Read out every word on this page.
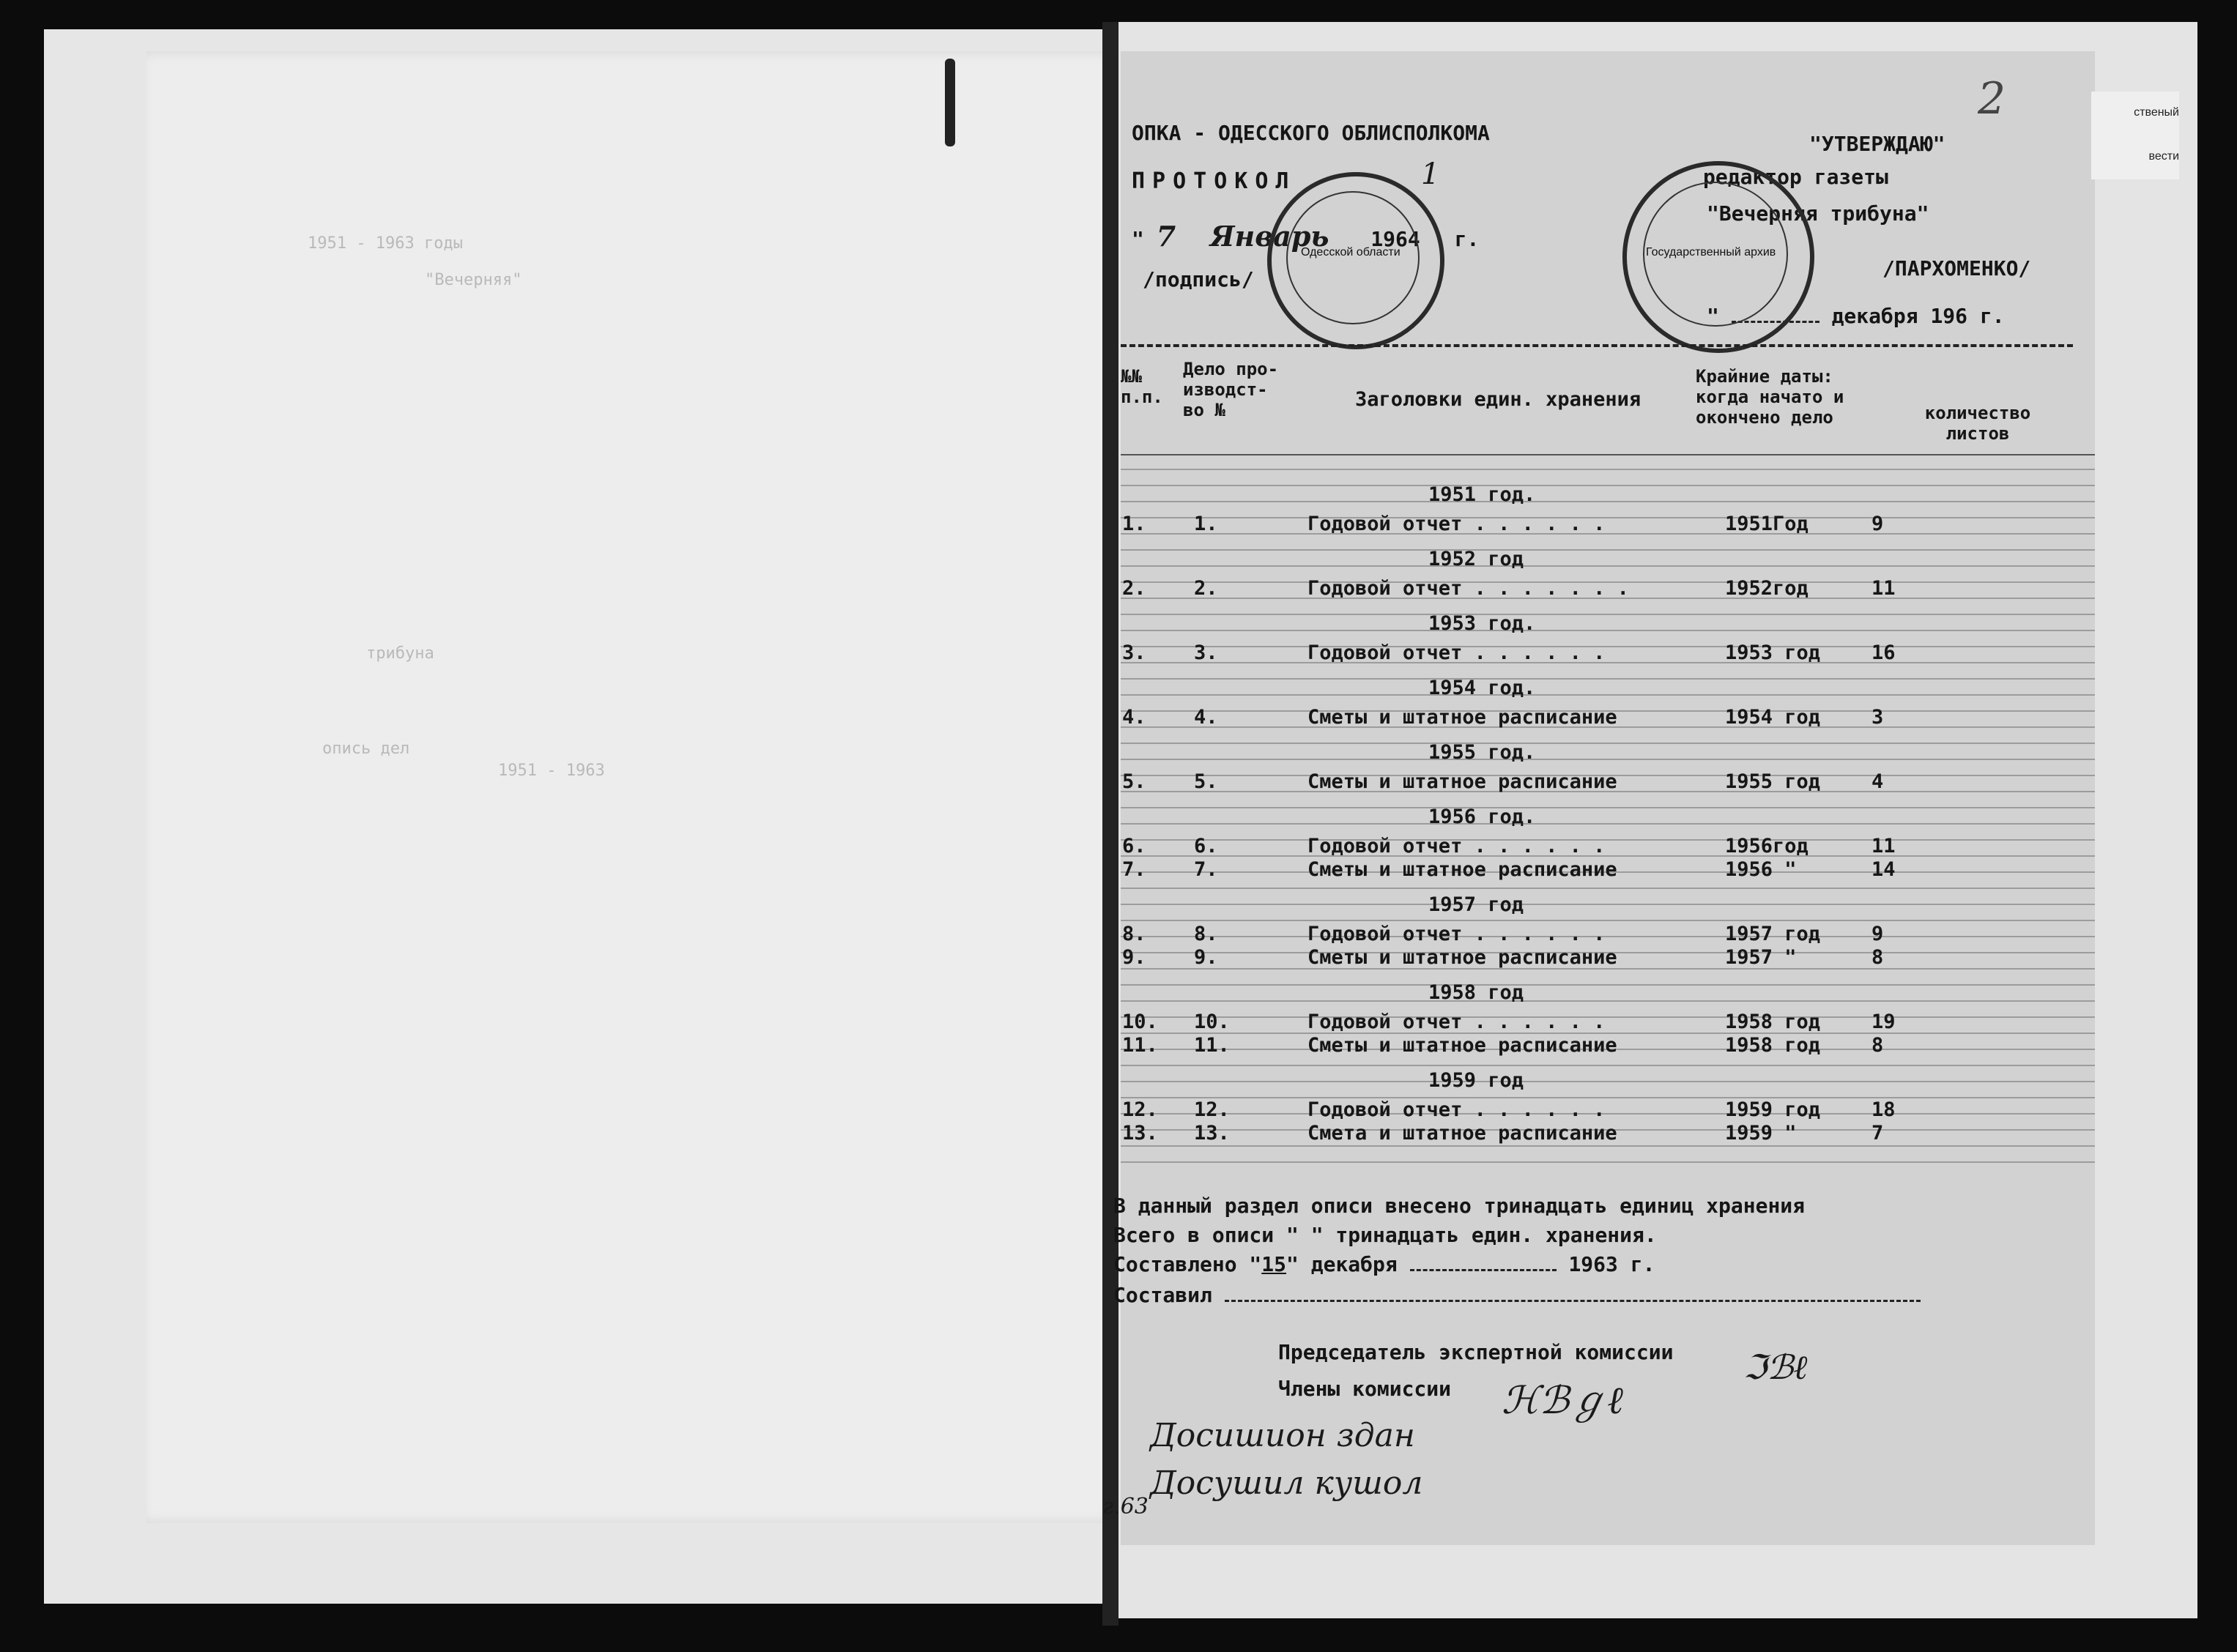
ственый
вести
1951 - 1963 годы
"Вечерняя"
трибуна
опись дел
1951 - 1963
ОПКА - ОДЕССКОГО ОБЛИСПОЛКОМА	"УТВЕРЖДАЮ"
редактор газеты
"Вечерняя трибуна"
/ПАРХОМЕНКО/
"	декабря 196 г.
ПРОТОКОЛ	1
" 7 Январь 1964 г.
/подпись/
2
Одесской области	Государственный архив
№№ п.п.
Дело про- изводст- во №	Заголовки един. хранения
Крайние даты: когда начато и окончено дело	количество листов
1951 год.
1. 1.	Годовой отчет . . . . . .	1951Год	9
1952 год
2. 2.	Годовой отчет . . . . . . .	1952год	11
1953 год.
3. 3.	Годовой отчет . . . . . .	1953 год	16
1954 год.
4. 4.	Сметы и штатное расписание	1954 год	3
1955 год.
5. 5.	Сметы и штатное расписание	1955 год	4
1956 год.
6. 6.	Годовой отчет . . . . . .	1956год	11
7. 7.	Сметы и штатное расписание	1956 "	14
1957 год
8. 8.	Годовой отчет . . . . . .	1957 год	9
9. 9.	Сметы и штатное расписание	1957 "	8
1958 год
10. 10.	Годовой отчет . . . . . .	1958 год	19
11. 11.	Сметы и штатное расписание	1958 год	8
1959 год
12. 12.	Годовой отчет . . . . . .	1959 год	18
13. 13.	Смета и штатное расписание	1959 "	7
В данный раздел описи внесено тринадцать единиц хранения
Всего в описи " " тринадцать един. хранения.
Составлено "15" декабря	1963 г.
Составил
Председатель экспертной комиссии
Члены комиссии
ℑℬℓ
ℋℬℊℓ
Досишион здан
Досушил кушол
г.63
